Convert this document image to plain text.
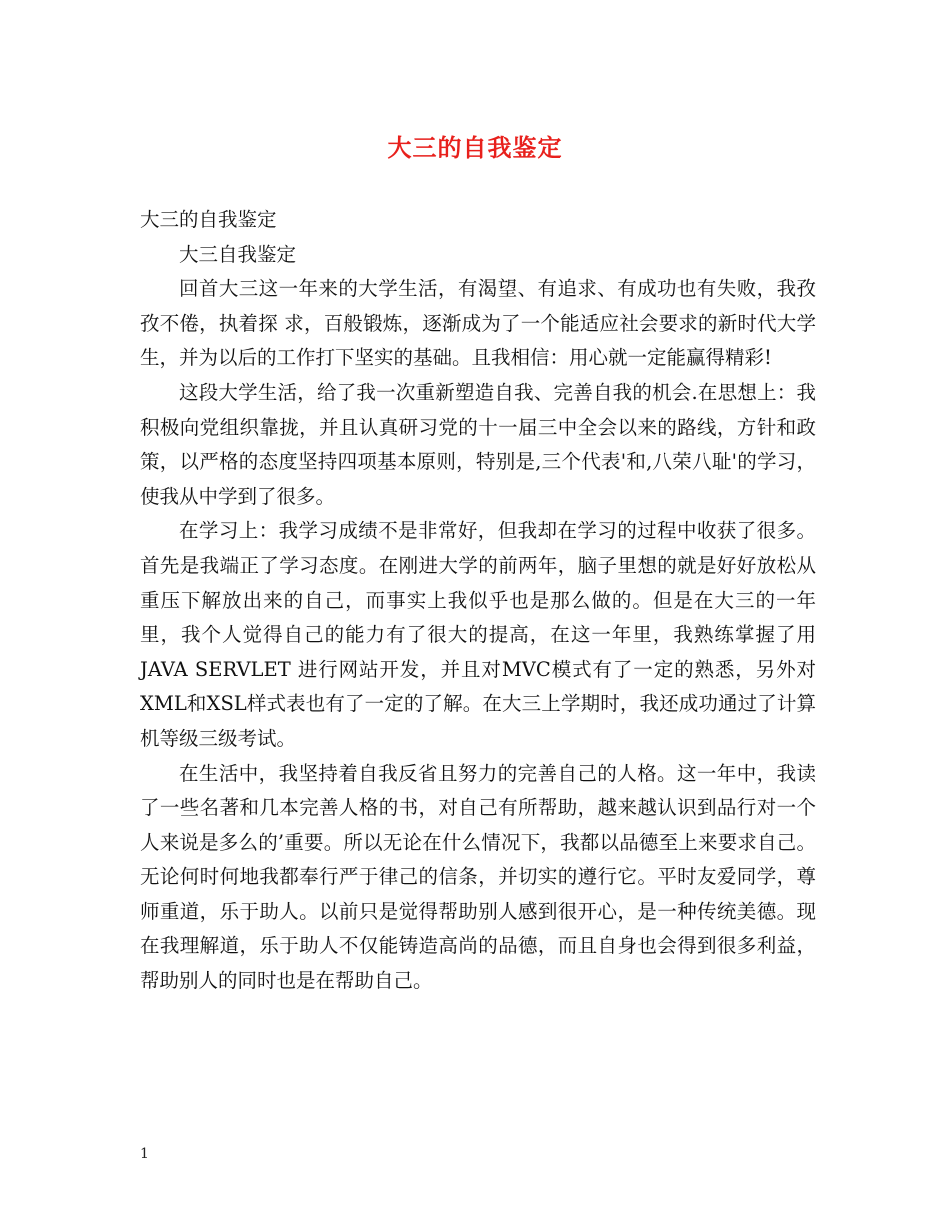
大三的自我鉴定

大三的自我鉴定

大三自我鉴定

回首大三这一年来的大学生活，有渴望、有追求、有成功也有失败，我孜孜不倦，执着探 求，百般锻炼，逐渐成为了一个能适应社会要求的新时代大学生，并为以后的工作打下坚实的基础。且我相信：用心就一定能赢得精彩!

这段大学生活，给了我一次重新塑造自我、完善自我的机会.在思想上：我积极向党组织靠拢，并且认真研习党的十一届三中全会以来的路线，方针和政策，以严格的态度坚持四项基本原则，特别是,三个代表'和,八荣八耻'的学习，使我从中学到了很多。

在学习上：我学习成绩不是非常好，但我却在学习的过程中收获了很多。首先是我端正了学习态度。在刚进大学的前两年，脑子里想的就是好好放松从重压下解放出来的自己，而事实上我似乎也是那么做的。但是在大三的一年里，我个人觉得自己的能力有了很大的提高，在这一年里，我熟练掌握了用JAVA SERVLET 进行网站开发，并且对MVC模式有了一定的熟悉，另外对XML和XSL样式表也有了一定的了解。在大三上学期时，我还成功通过了计算机等级三级考试。

在生活中，我坚持着自我反省且努力的完善自己的人格。这一年中，我读了一些名著和几本完善人格的书，对自己有所帮助，越来越认识到品行对一个人来说是多么的’重要。所以无论在什么情况下，我都以品德至上来要求自己。无论何时何地我都奉行严于律己的信条，并切实的遵行它。平时友爱同学，尊师重道，乐于助人。以前只是觉得帮助别人感到很开心，是一种传统美德。现在我理解道，乐于助人不仅能铸造高尚的品德，而且自身也会得到很多利益，帮助别人的同时也是在帮助自己。

1
